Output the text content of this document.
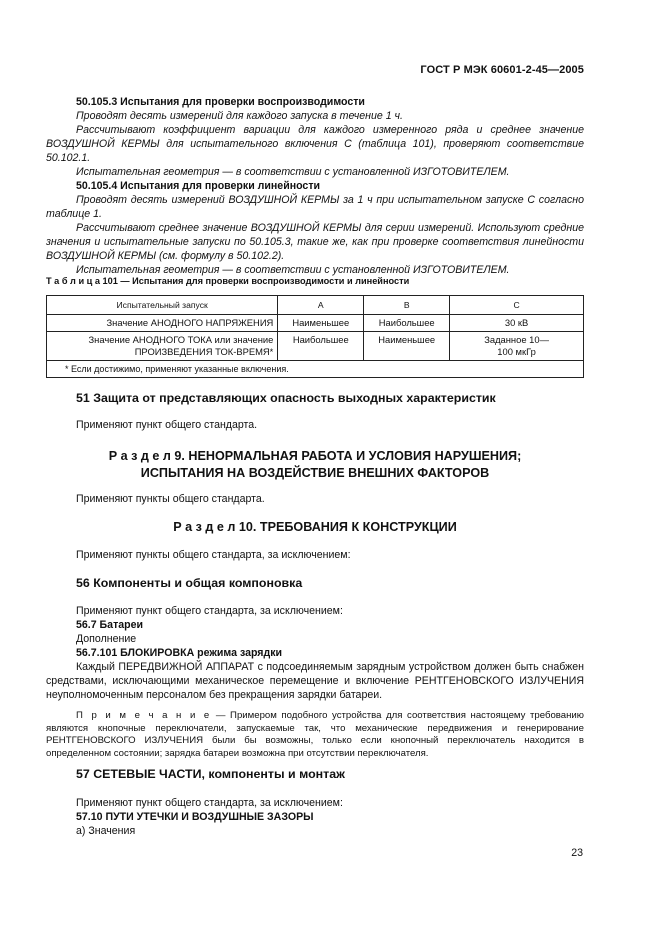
ГОСТ Р МЭК 60601-2-45—2005

50.105.3 Испытания для проверки воспроизводимости

Проводят десять измерений для каждого запуска в течение 1 ч.

Рассчитывают коэффициент вариации для каждого измеренного ряда и среднее значение ВОЗДУШНОЙ КЕРМЫ для испытательного включения С (таблица 101), проверяют соответствие 50.102.1.

Испытательная геометрия — в соответствии с установленной ИЗГОТОВИТЕЛЕМ.

50.105.4 Испытания для проверки линейности

Проводят десять измерений ВОЗДУШНОЙ КЕРМЫ за 1 ч при испытательном запуске С согласно таблице 1.

Рассчитывают среднее значение ВОЗДУШНОЙ КЕРМЫ для серии измерений. Используют средние значения и испытательные запуски по 50.105.3, такие же, как при проверке соответствия линейности ВОЗДУШНОЙ КЕРМЫ (см. формулу в 50.102.2).

Испытательная геометрия — в соответствии с установленной ИЗГОТОВИТЕЛЕМ.

Т а б л и ц а 101 — Испытания для проверки воспроизводимости и линейности

Испытательный запуск	А	В	С
Значение АНОДНОГО НАПРЯЖЕНИЯ	Наименьшее	Наибольшее	30 кВ
Значение АНОДНОГО ТОКА или значение ПРОИЗВЕДЕНИЯ ТОК-ВРЕМЯ*	Наибольшее	Наименьшее	Заданное 10—100 мкГр
* Если достижимо, применяют указанные включения.			

51 Защита от представляющих опасность выходных характеристик

Применяют пункт общего стандарта.

Р а з д е л 9. НЕНОРМАЛЬНАЯ РАБОТА И УСЛОВИЯ НАРУШЕНИЯ;

ИСПЫТАНИЯ НА ВОЗДЕЙСТВИЕ ВНЕШНИХ ФАКТОРОВ

Применяют пункты общего стандарта.

Р а з д е л 10. ТРЕБОВАНИЯ К КОНСТРУКЦИИ

Применяют пункты общего стандарта, за исключением:

56 Компоненты и общая компоновка

Применяют пункт общего стандарта, за исключением:

56.7 Батареи

Дополнение

56.7.101 БЛОКИРОВКА режима зарядки

Каждый ПЕРЕДВИЖНОЙ АППАРАТ с подсоединяемым зарядным устройством должен быть снабжен средствами, исключающими механическое перемещение и включение РЕНТГЕНОВСКОГО ИЗЛУЧЕНИЯ неуполномоченным персоналом без прекращения зарядки батареи.

П р и м е ч а н и е — Примером подобного устройства для соответствия настоящему требованию являются кнопочные переключатели, запускаемые так, что механические передвижения и генерирование РЕНТГЕНОВСКОГО ИЗЛУЧЕНИЯ были бы возможны, только если кнопочный переключатель находится в определенном состоянии; зарядка батареи возможна при отсутствии переключателя.

57 СЕТЕВЫЕ ЧАСТИ, компоненты и монтаж

Применяют пункт общего стандарта, за исключением:

57.10 ПУТИ УТЕЧКИ И ВОЗДУШНЫЕ ЗАЗОРЫ

а) Значения

23
